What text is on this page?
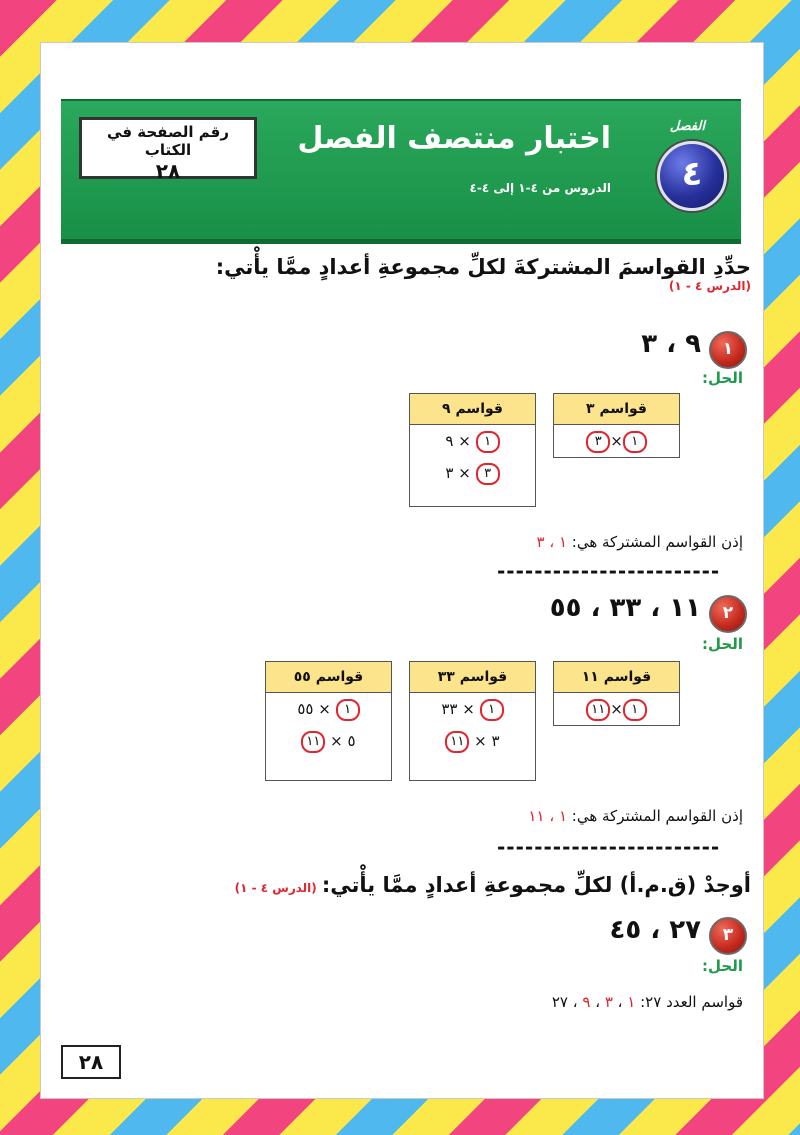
الفصل
٤
اختبار منتصف الفصل
الدروس من ٤-١ إلى ٤-٤
رقم الصفحة في الكتاب
٢٨
حدِّدِ القواسمَ المشتركةَ لكلِّ مجموعةِ أعدادٍ ممَّا يأْتي:
(الدرس ٤ - ١)
١
٩ ، ٣
الحل:
قواسم ٣
١×٣
قواسم ٩
١ × ٩
٣ × ٣
إذن القواسم المشتركة هي: ١ ، ٣
------------------------
٢
١١ ، ٣٣ ، ٥٥
الحل:
قواسم ١١
١×١١
قواسم ٣٣
١ × ٣٣
٣ × ١١
قواسم ٥٥
١ × ٥٥
٥ × ١١
إذن القواسم المشتركة هي: ١ ، ١١
------------------------
أوجدْ (ق.م.أ) لكلِّ مجموعةِ أعدادٍ ممَّا يأْتي: (الدرس ٤ - ١)
٣
٢٧ ، ٤٥
الحل:
قواسم العدد ٢٧: ١ ، ٣ ، ٩ ، ٢٧
٢٨
